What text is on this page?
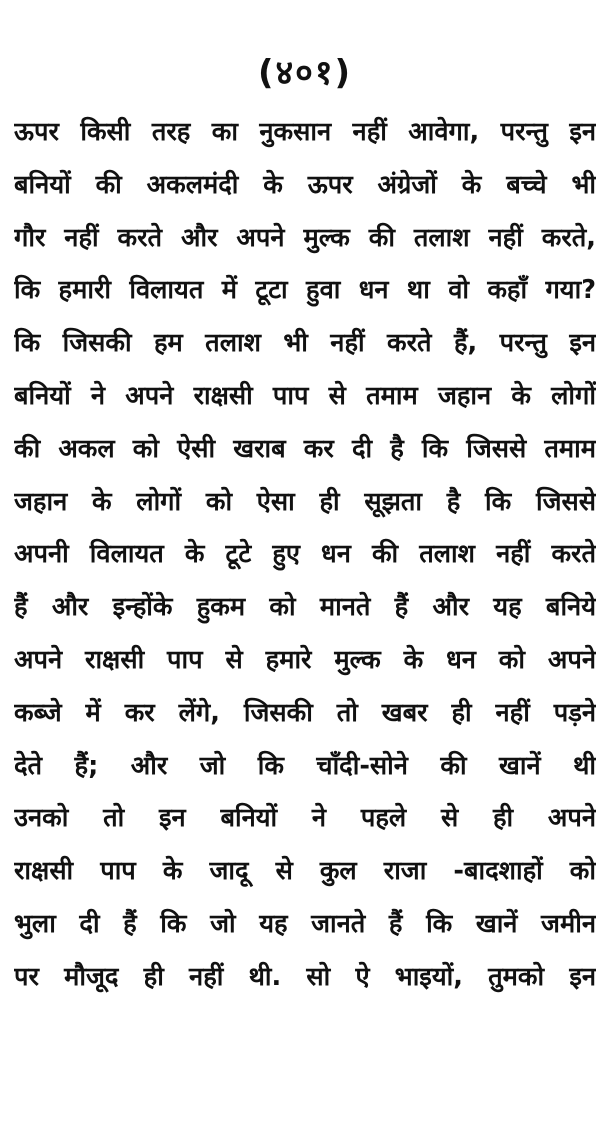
(४०१)
ऊपर किसी तरह का नुकसान नहीं आवेगा, परन्तु इन
बनियों की अकलमंदी के ऊपर अंग्रेजों के बच्चे भी
गौर नहीं करते और अपने मुल्क की तलाश नहीं करते,
कि हमारी विलायत में टूटा हुवा धन था वो कहाँ गया?
कि जिसकी हम तलाश भी नहीं करते हैं, परन्तु इन
बनियों ने अपने राक्षसी पाप से तमाम जहान के लोगों
की अकल को ऐसी खराब कर दी है कि जिससे तमाम
जहान के लोगों को ऐसा ही सूझता है कि जिससे
अपनी विलायत के टूटे हुए धन की तलाश नहीं करते
हैं और इन्होंके हुकम को मानते हैं और यह बनिये
अपने राक्षसी पाप से हमारे मुल्क के धन को अपने
कब्जे में कर लेंगे, जिसकी तो खबर ही नहीं पड़ने
देते हैं; और जो कि चाँदी-सोने की खानें थी
उनको तो इन बनियों ने पहले से ही अपने
राक्षसी पाप के जादू से कुल राजा -बादशाहों को
भुला दी हैं कि जो यह जानते हैं कि खानें जमीन
पर मौजूद ही नहीं थी. सो ऐ भाइयों, तुमको इन
